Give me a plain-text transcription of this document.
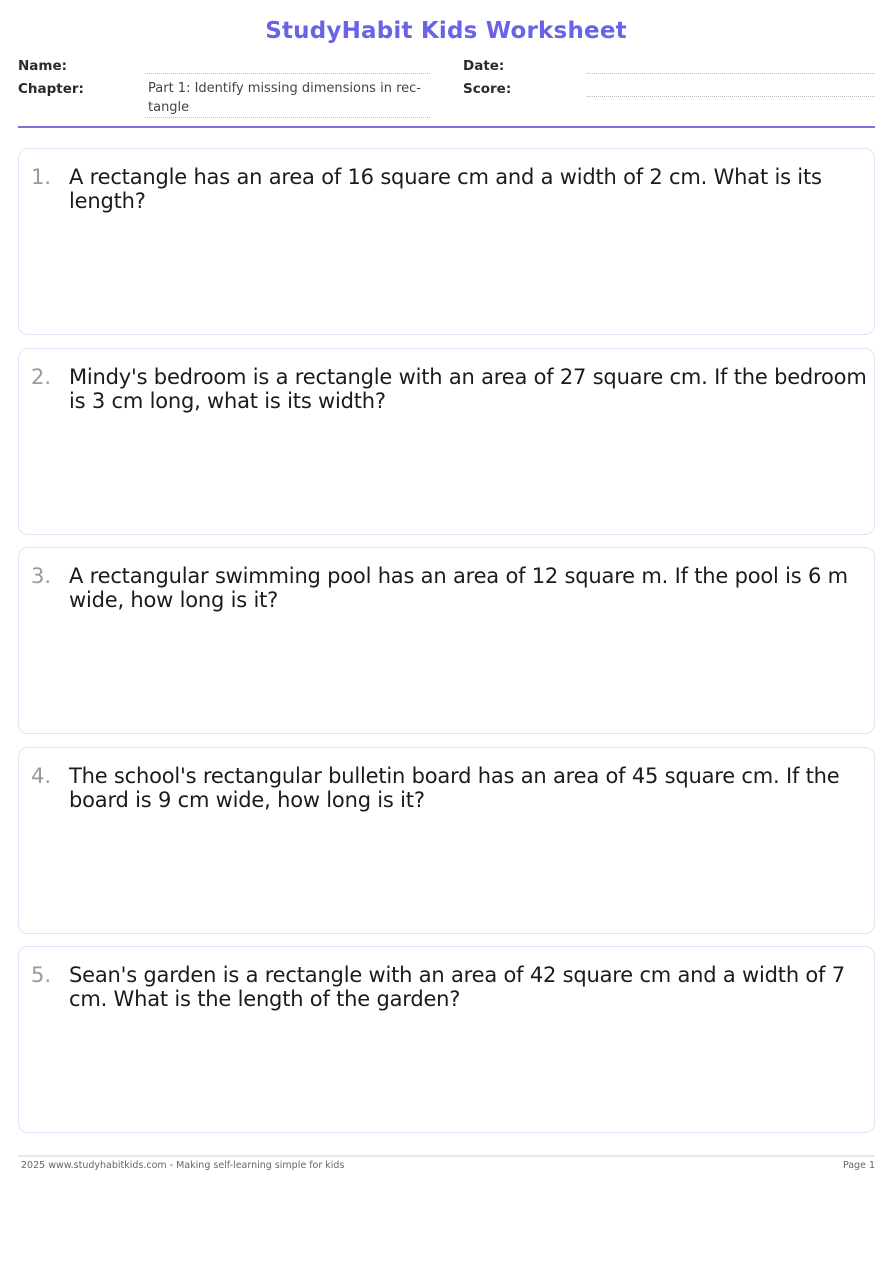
StudyHabit Kids Worksheet
Name:
Chapter:	Part 1: Identify missing dimensions in rec-tangle
Date:
Score:
1. A rectangle has an area of 16 square cm and a width of 2 cm. What is its length?
2. Mindy's bedroom is a rectangle with an area of 27 square cm. If the bedroom is 3 cm long, what is its width?
3. A rectangular swimming pool has an area of 12 square m. If the pool is 6 m wide, how long is it?
4. The school's rectangular bulletin board has an area of 45 square cm. If the board is 9 cm wide, how long is it?
5. Sean's garden is a rectangle with an area of 42 square cm and a width of 7 cm. What is the length of the garden?
2025 www.studyhabitkids.com - Making self-learning simple for kids	Page 1
